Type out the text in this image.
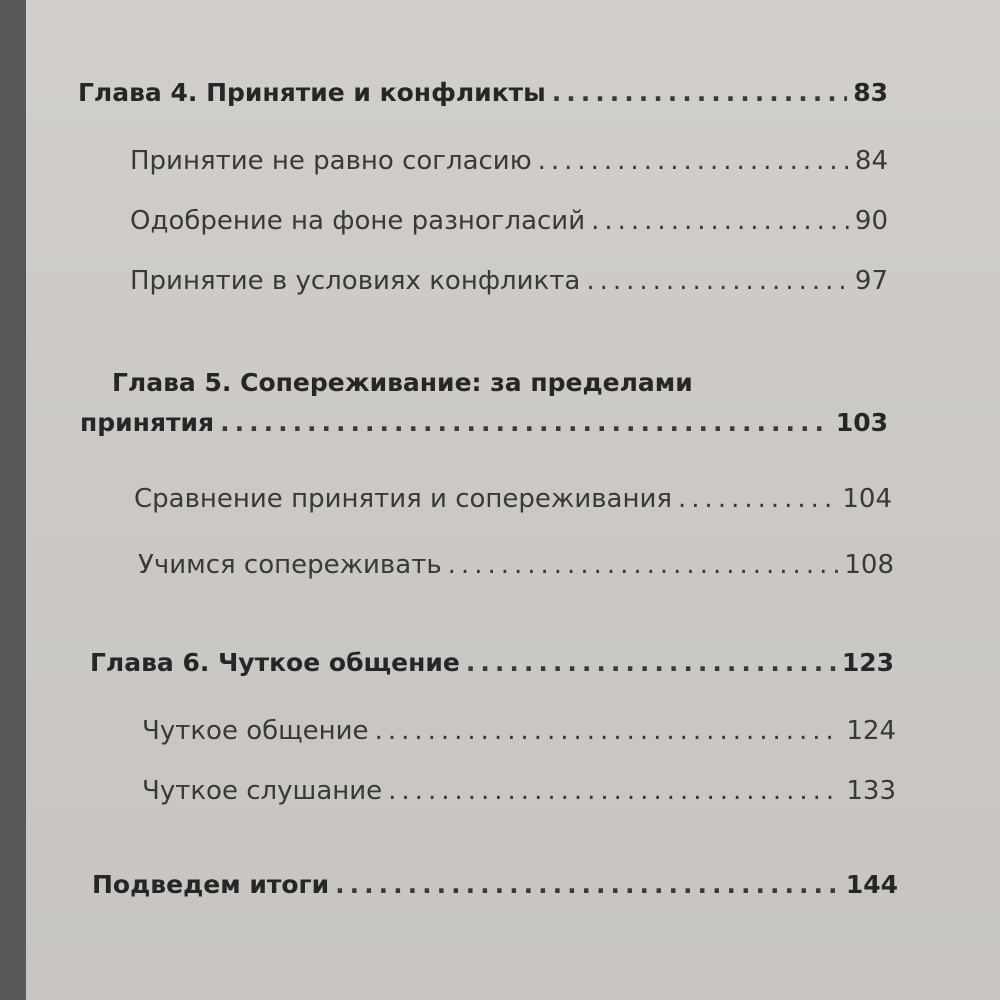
Глава 4. Принятие и конфликты .....	83
Принятие не равно согласию .....	84
Одобрение на фоне разногласий .....	90
Принятие в условиях конфликта .....	97
Глава 5. Сопереживание: за пределами
принятия .....	103
Сравнение принятия и сопереживания .....	104
Учимся сопереживать .....	108
Глава 6. Чуткое общение .....	123
Чуткое общение .....	124
Чуткое слушание .....	133
Подведем итоги .....	144
